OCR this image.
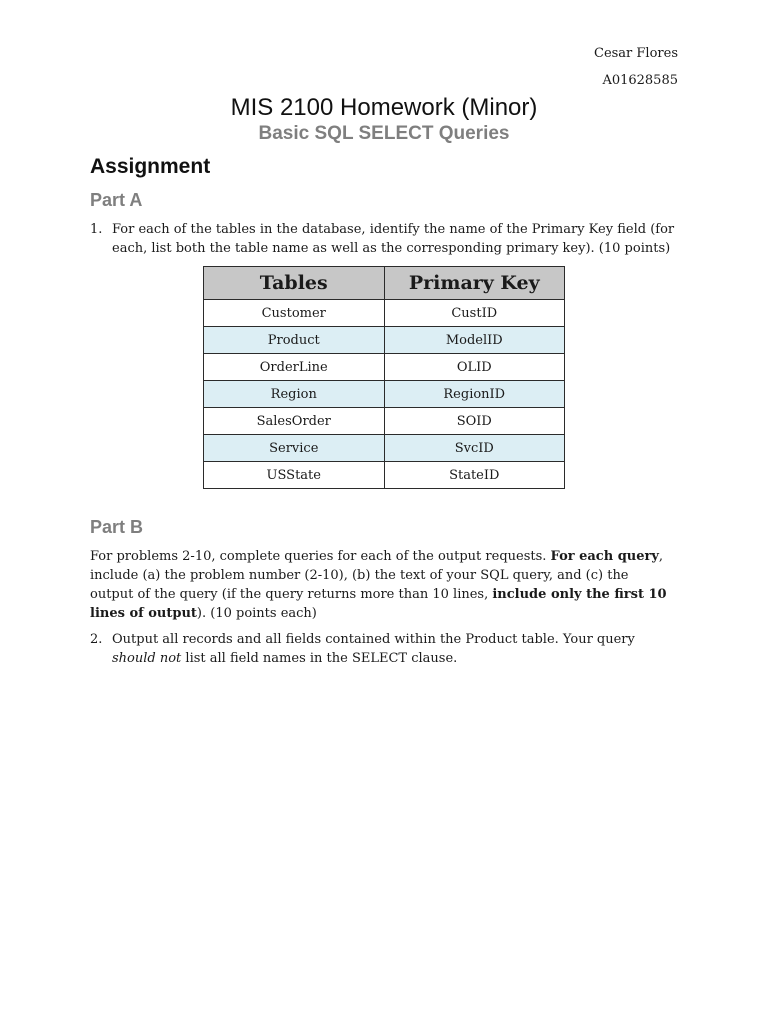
Cesar Flores
A01628585
MIS 2100 Homework (Minor)
Basic SQL SELECT Queries
Assignment
Part A
1. For each of the tables in the database, identify the name of the Primary Key field (for each, list both the table name as well as the corresponding primary key). (10 points)
Tables	Primary Key
Customer	CustID
Product	ModelID
OrderLine	OLID
Region	RegionID
SalesOrder	SOID
Service	SvcID
USState	StateID
Part B
For problems 2-10, complete queries for each of the output requests. For each query, include (a) the problem number (2-10), (b) the text of your SQL query, and (c) the output of the query (if the query returns more than 10 lines, include only the first 10 lines of output). (10 points each)
2. Output all records and all fields contained within the Product table. Your query should not list all field names in the SELECT clause.
